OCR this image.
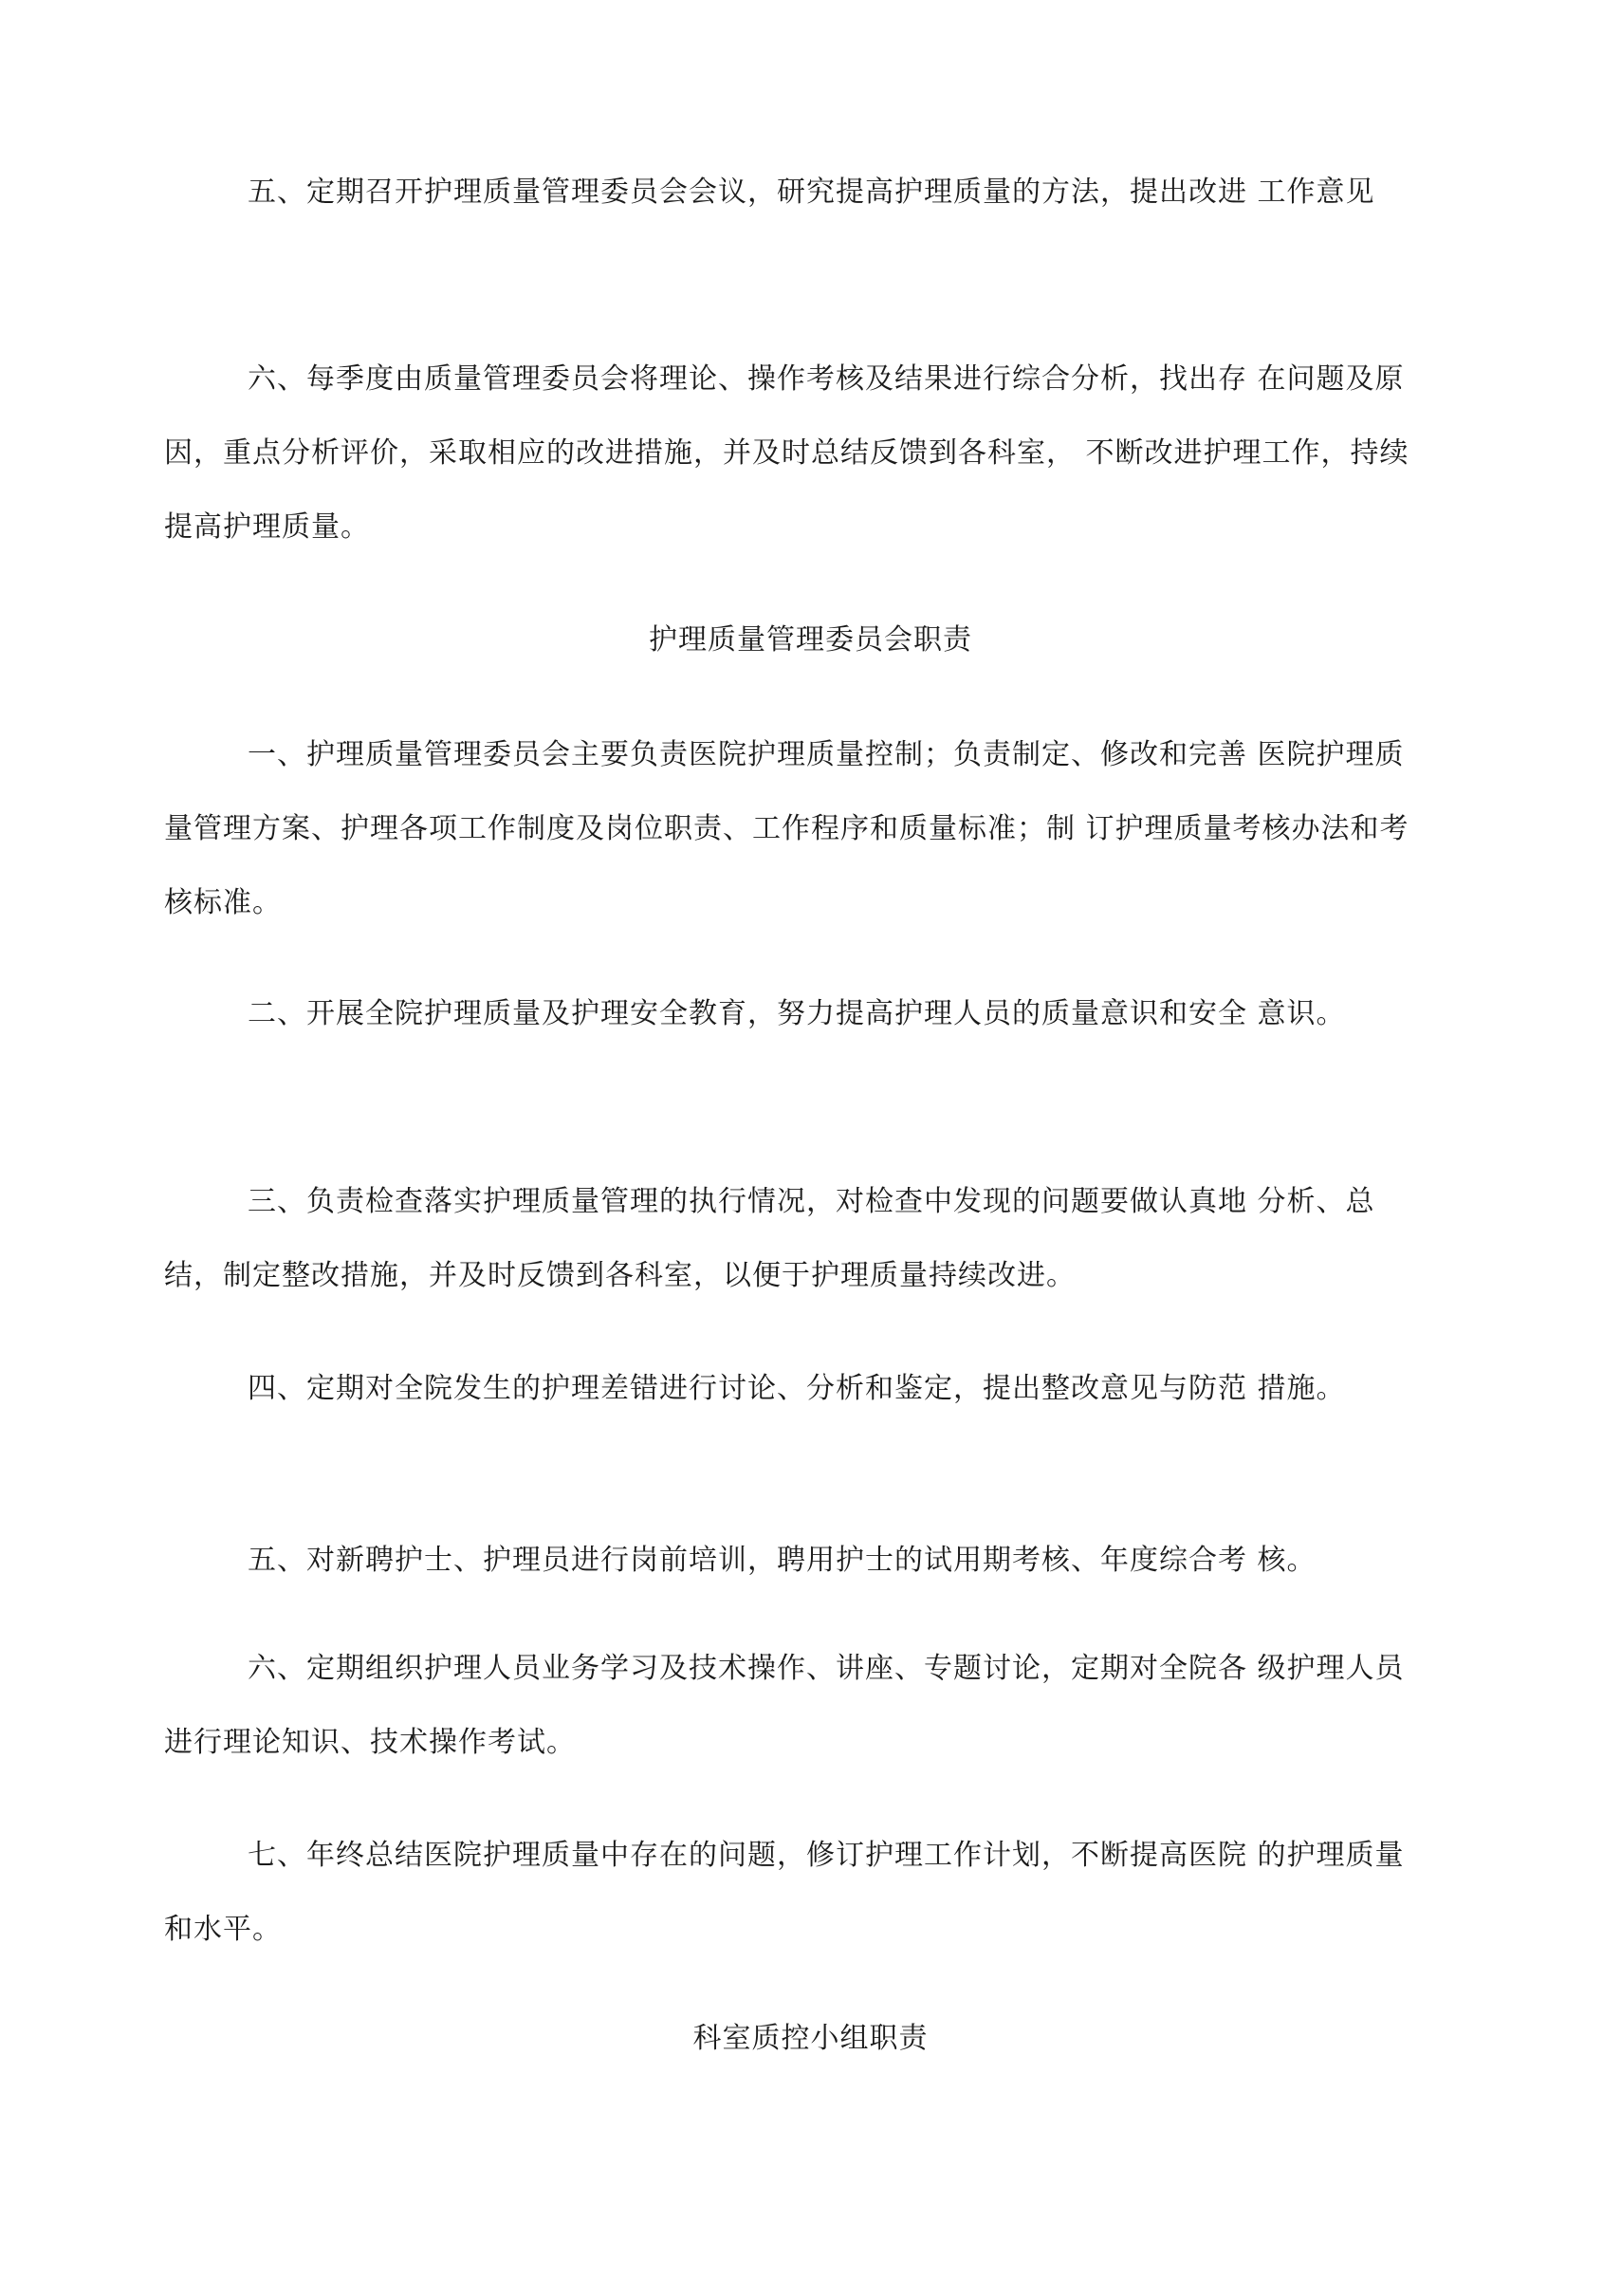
五、定期召开护理质量管理委员会会议，研究提高护理质量的方法，提出改进 工作意见

六、每季度由质量管理委员会将理论、操作考核及结果进行综合分析，找出存 在问题及原因，重点分析评价，采取相应的改进措施，并及时总结反馈到各科室， 不断改进护理工作，持续提高护理质量。

护理质量管理委员会职责

一、护理质量管理委员会主要负责医院护理质量控制；负责制定、修改和完善 医院护理质量管理方案、护理各项工作制度及岗位职责、工作程序和质量标准；制 订护理质量考核办法和考核标准。

二、开展全院护理质量及护理安全教育，努力提高护理人员的质量意识和安全 意识。

三、负责检查落实护理质量管理的执行情况，对检查中发现的问题要做认真地 分析、总结，制定整改措施，并及时反馈到各科室，以便于护理质量持续改进。

四、定期对全院发生的护理差错进行讨论、分析和鉴定，提出整改意见与防范 措施。

五、对新聘护士、护理员进行岗前培训，聘用护士的试用期考核、年度综合考 核。

六、定期组织护理人员业务学习及技术操作、讲座、专题讨论，定期对全院各 级护理人员进行理论知识、技术操作考试。

七、年终总结医院护理质量中存在的问题，修订护理工作计划，不断提高医院 的护理质量和水平。

科室质控小组职责
